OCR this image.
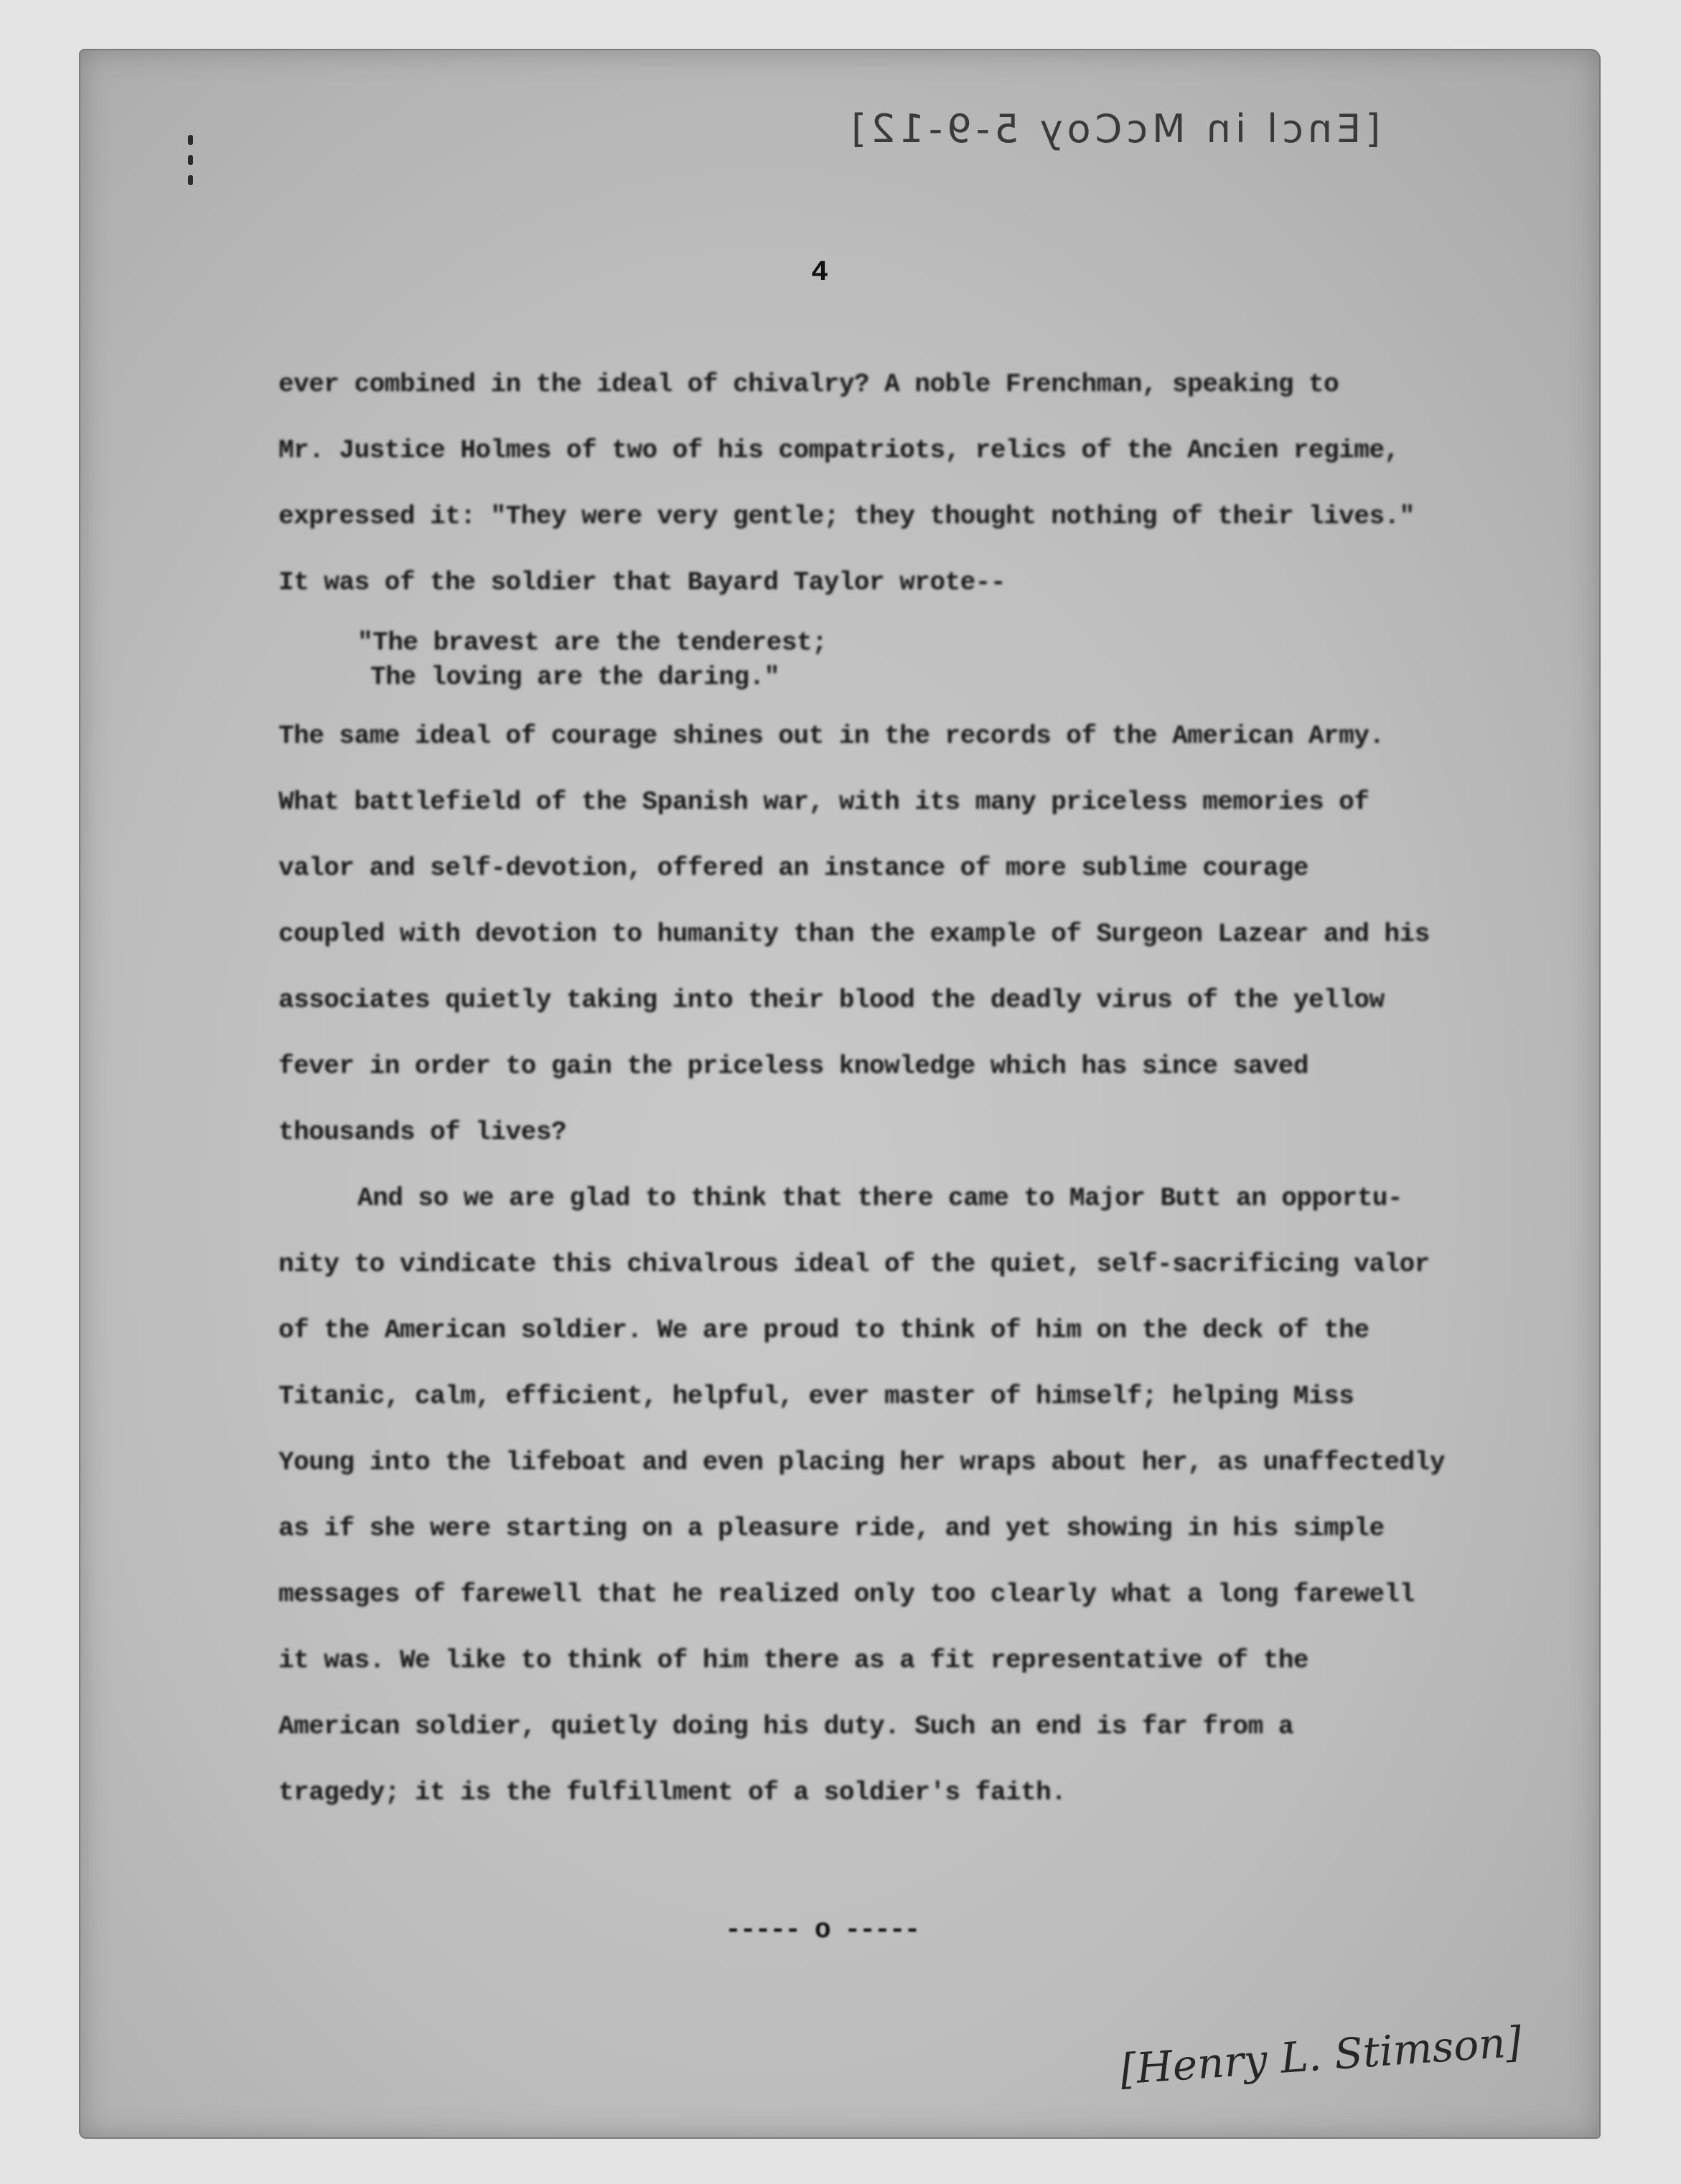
[Encl in McCoy 5-9-12]
4
ever combined in the ideal of chivalry? A noble Frenchman, speaking to
Mr. Justice Holmes of two of his compatriots, relics of the Ancien regime,
expressed it: "They were very gentle; they thought nothing of their lives."
It was of the soldier that Bayard Taylor wrote--
"The bravest are the tenderest;
The loving are the daring."
The same ideal of courage shines out in the records of the American Army.
What battlefield of the Spanish war, with its many priceless memories of
valor and self-devotion, offered an instance of more sublime courage
coupled with devotion to humanity than the example of Surgeon Lazear and his
associates quietly taking into their blood the deadly virus of the yellow
fever in order to gain the priceless knowledge which has since saved
thousands of lives?
And so we are glad to think that there came to Major Butt an opportu-
nity to vindicate this chivalrous ideal of the quiet, self-sacrificing valor
of the American soldier. We are proud to think of him on the deck of the
Titanic, calm, efficient, helpful, ever master of himself; helping Miss
Young into the lifeboat and even placing her wraps about her, as unaffectedly
as if she were starting on a pleasure ride, and yet showing in his simple
messages of farewell that he realized only too clearly what a long farewell
it was. We like to think of him there as a fit representative of the
American soldier, quietly doing his duty. Such an end is far from a
tragedy; it is the fulfillment of a soldier's faith.
----- o -----
[Henry L. Stimson]
